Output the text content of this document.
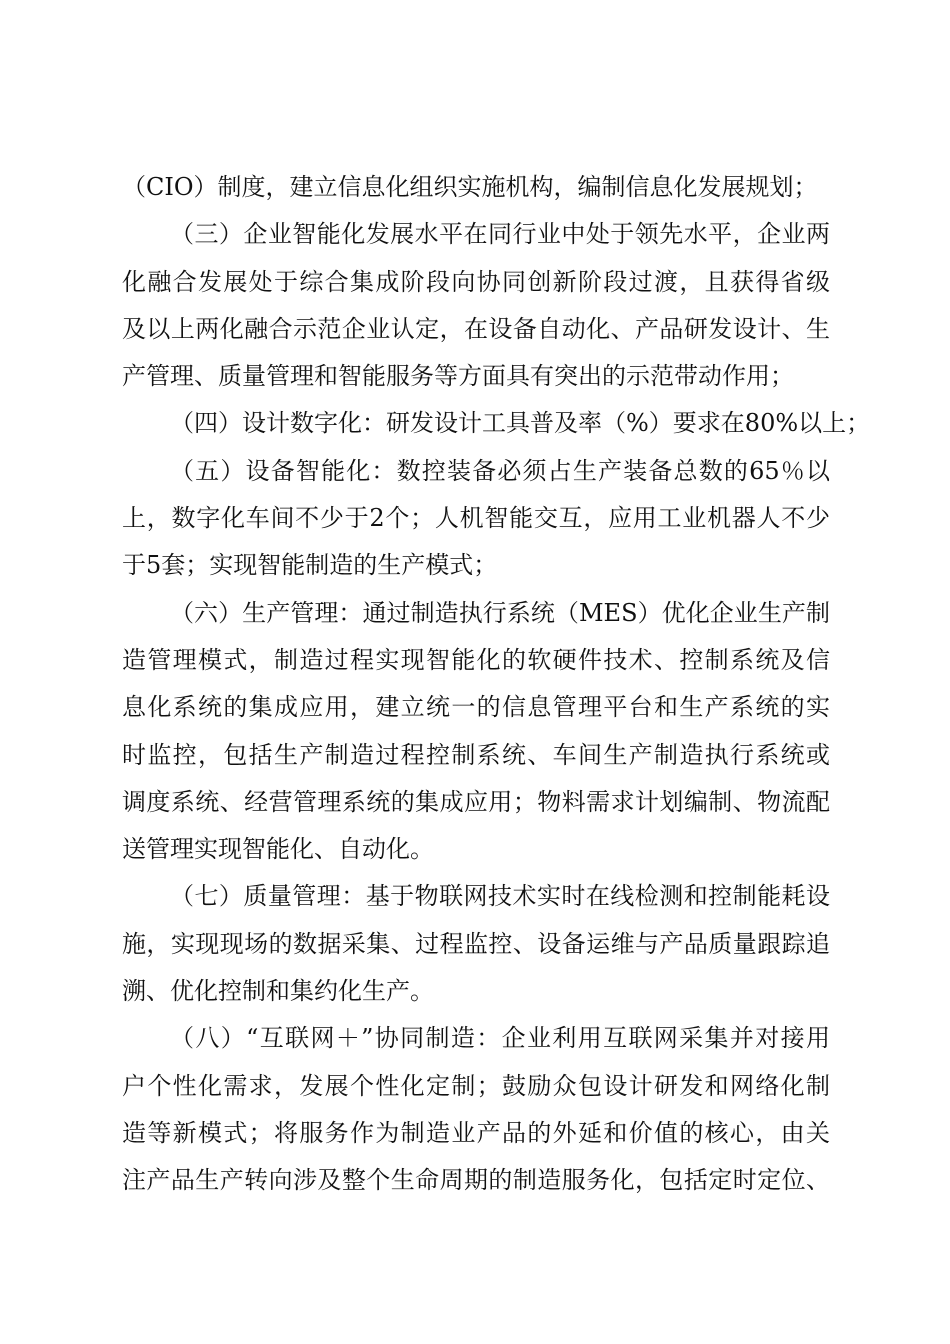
（CIO）制度，建立信息化组织实施机构，编制信息化发展规划；
（三）企业智能化发展水平在同行业中处于领先水平，企业两
化融合发展处于综合集成阶段向协同创新阶段过渡，且获得省级
及以上两化融合示范企业认定，在设备自动化、产品研发设计、生
产管理、质量管理和智能服务等方面具有突出的示范带动作用；
（四）设计数字化：研发设计工具普及率（%）要求在80%以上；
（五）设备智能化：数控装备必须占生产装备总数的65％以
上，数字化车间不少于2个；人机智能交互，应用工业机器人不少
于5套；实现智能制造的生产模式；
（六）生产管理：通过制造执行系统（MES）优化企业生产制
造管理模式，制造过程实现智能化的软硬件技术、控制系统及信
息化系统的集成应用，建立统一的信息管理平台和生产系统的实
时监控，包括生产制造过程控制系统、车间生产制造执行系统或
调度系统、经营管理系统的集成应用；物料需求计划编制、物流配
送管理实现智能化、自动化。
（七）质量管理：基于物联网技术实时在线检测和控制能耗设
施，实现现场的数据采集、过程监控、设备运维与产品质量跟踪追
溯、优化控制和集约化生产。
（八）“互联网＋”协同制造：企业利用互联网采集并对接用
户个性化需求，发展个性化定制；鼓励众包设计研发和网络化制
造等新模式；将服务作为制造业产品的外延和价值的核心，由关
注产品生产转向涉及整个生命周期的制造服务化，包括定时定位、
